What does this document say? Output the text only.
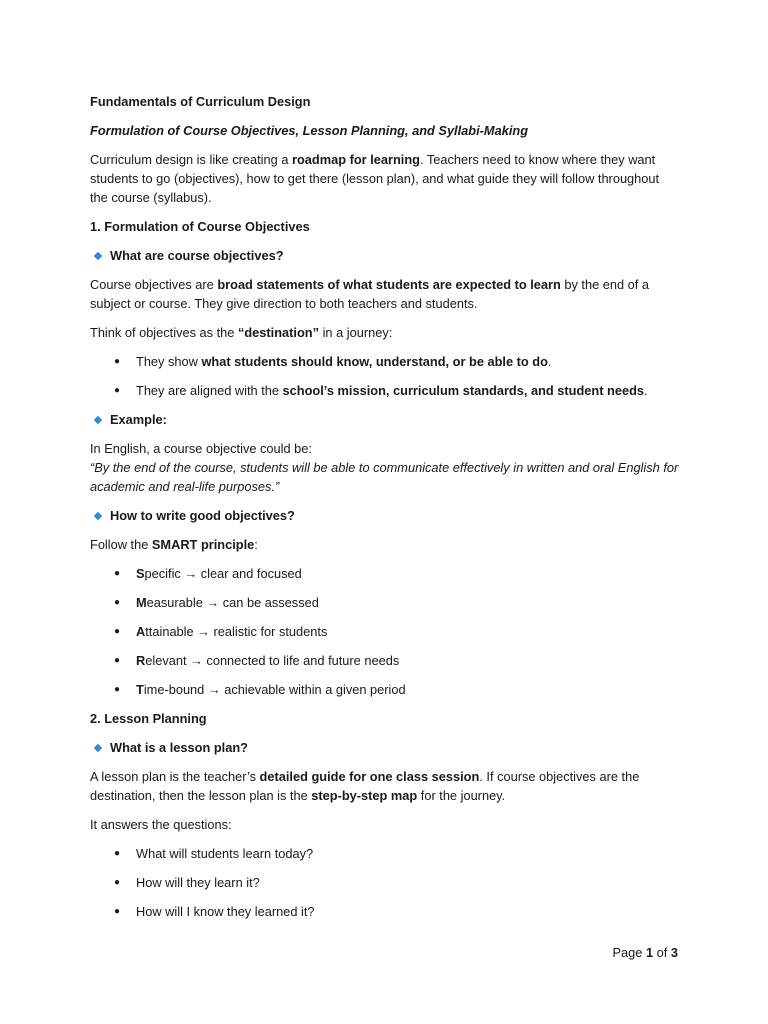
Fundamentals of Curriculum Design

Formulation of Course Objectives, Lesson Planning, and Syllabi-Making

Curriculum design is like creating a roadmap for learning. Teachers need to know where they want students to go (objectives), how to get there (lesson plan), and what guide they will follow throughout the course (syllabus).

1. Formulation of Course Objectives

What are course objectives?

Course objectives are broad statements of what students are expected to learn by the end of a subject or course. They give direction to both teachers and students.

Think of objectives as the “destination” in a journey:

●	They show what students should know, understand, or be able to do.
●	They are aligned with the school’s mission, curriculum standards, and student needs.
Example:

In English, a course objective could be:
“By the end of the course, students will be able to communicate effectively in written and oral English for academic and real-life purposes.”

How to write good objectives?

Follow the SMART principle:

●	Specific → clear and focused
●	Measurable → can be assessed
●	Attainable → realistic for students
●	Relevant → connected to life and future needs
●	Time-bound → achievable within a given period

2. Lesson Planning

What is a lesson plan?

A lesson plan is the teacher’s detailed guide for one class session. If course objectives are the destination, then the lesson plan is the step-by-step map for the journey.

It answers the questions:

●	What will students learn today?
●	How will they learn it?
●	How will I know they learned it?
Page 1 of 3
